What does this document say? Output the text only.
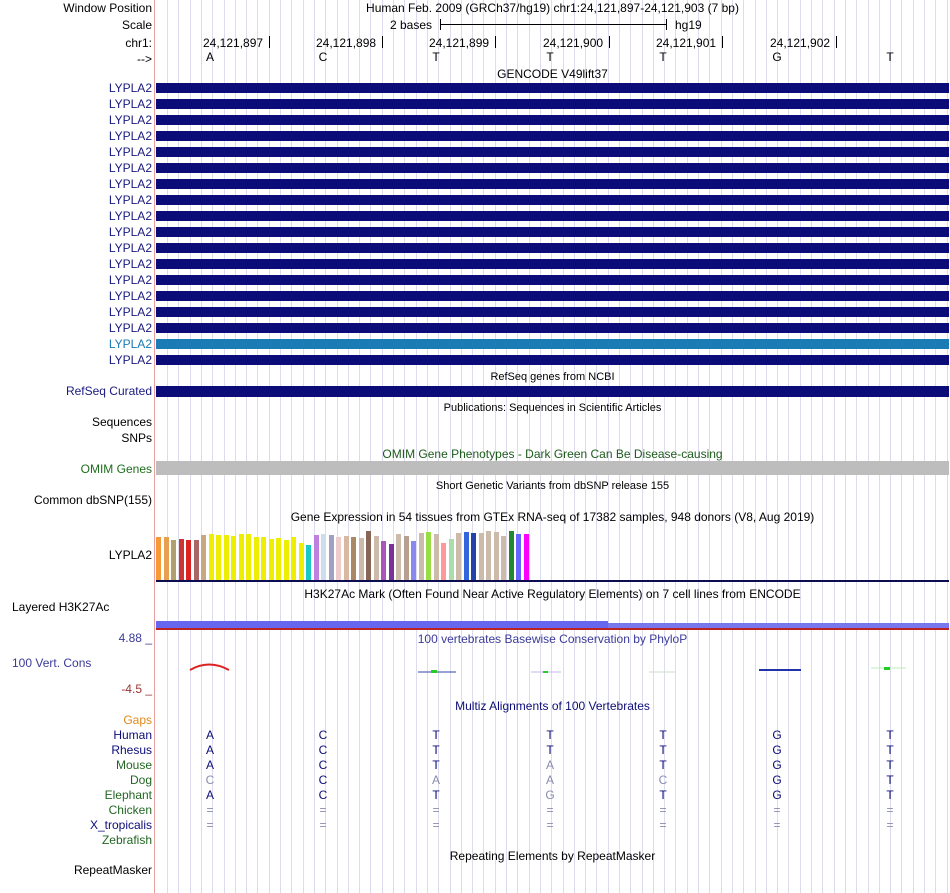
Window Position
Scale
chr1:
-->
Human Feb. 2009 (GRCh37/hg19) chr1:24,121,897-24,121,903 (7 bp)
2 bases	hg19
24,121,897	24,121,898	24,121,899	24,121,900	24,121,901	24,121,902
A	C	T	T	T	G	T
GENCODE V49lift37
LYPLA2
LYPLA2
LYPLA2
LYPLA2
LYPLA2
LYPLA2
LYPLA2
LYPLA2
LYPLA2
LYPLA2
LYPLA2
LYPLA2
LYPLA2
LYPLA2
LYPLA2
LYPLA2
LYPLA2
LYPLA2
RefSeq genes from NCBI
RefSeq Curated
Publications: Sequences in Scientific Articles
Sequences
SNPs
OMIM Gene Phenotypes - Dark Green Can Be Disease-causing
OMIM Genes
Short Genetic Variants from dbSNP release 155
Common dbSNP(155)
Gene Expression in 54 tissues from GTEx RNA-seq of 17382 samples, 948 donors (V8, Aug 2019)
LYPLA2
H3K27Ac Mark (Often Found Near Active Regulatory Elements) on 7 cell lines from ENCODE
Layered H3K27Ac
100 vertebrates Basewise Conservation by PhyloP
4.88 _
100 Vert. Cons
-4.5 _
Multiz Alignments of 100 Vertebrates
Gaps
Human	A	C	T	T	T	G	T
Rhesus	A	C	T	T	T	G	T
Mouse	A	C	T	A	T	G	T
Dog	C	C	A	A	C	G	T
Elephant	A	C	T	G	T	G	T
Chicken	=	=	=	=	=	=	=
X_tropicalis	=	=	=	=	=	=	=
Zebrafish
Repeating Elements by RepeatMasker
RepeatMasker
